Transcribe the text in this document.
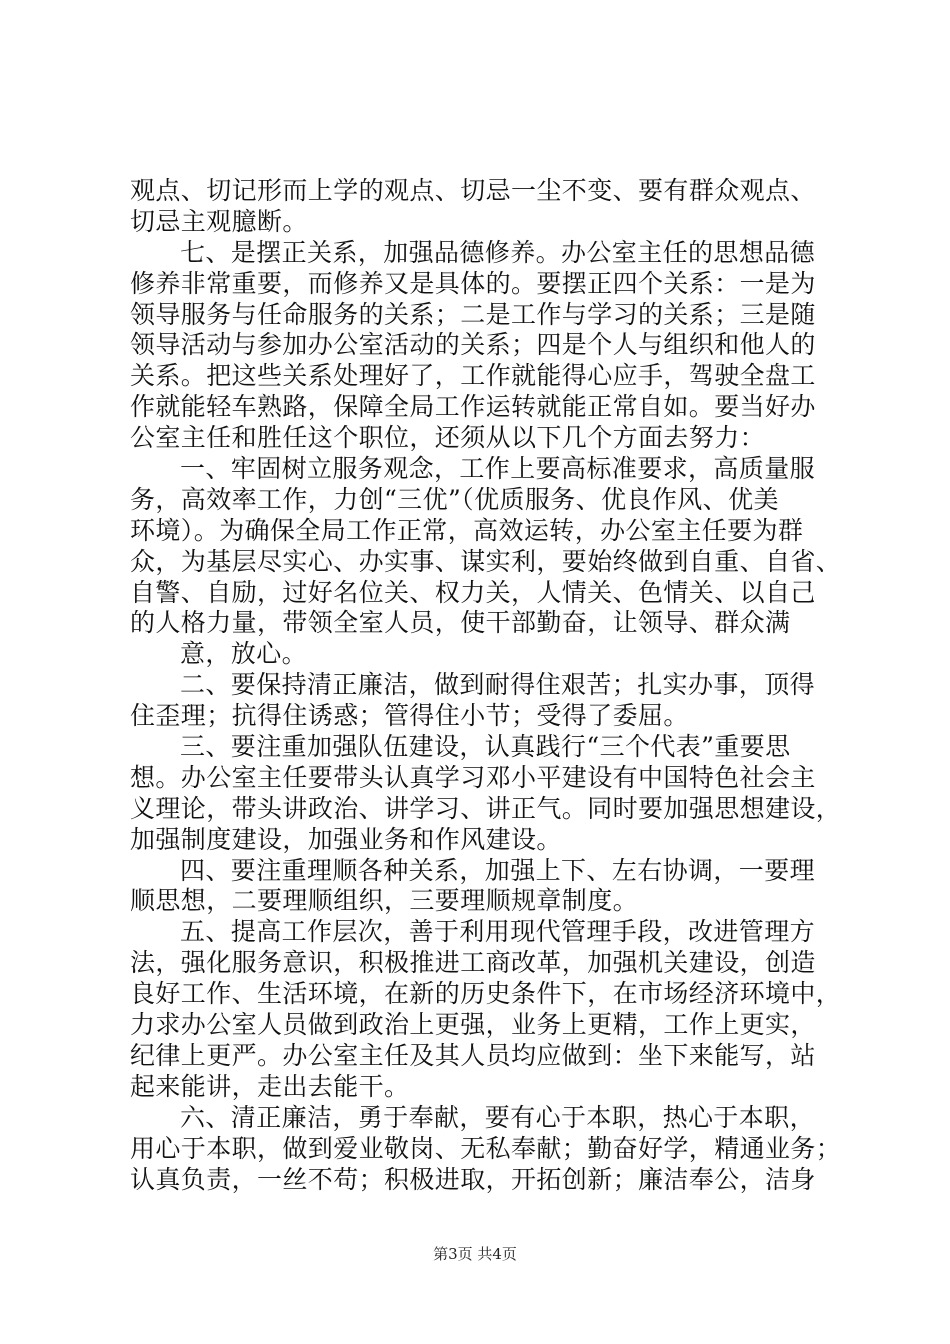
观点、切记形而上学的观点、切忌一尘不变、要有群众观点、
切忌主观臆断。
七、是摆正关系，加强品德修养。办公室主任的思想品德
修养非常重要，而修养又是具体的。要摆正四个关系：一是为
领导服务与任命服务的关系；二是工作与学习的关系；三是随
领导活动与参加办公室活动的关系；四是个人与组织和他人的
关系。把这些关系处理好了，工作就能得心应手，驾驶全盘工
作就能轻车熟路，保障全局工作运转就能正常自如。要当好办
公室主任和胜任这个职位，还须从以下几个方面去努力：
一、牢固树立服务观念，工作上要高标准要求，高质量服
务，高效率工作，力创“三优”（优质服务、优良作风、优美
环境）。为确保全局工作正常，高效运转，办公室主任要为群
众，为基层尽实心、办实事、谋实利，要始终做到自重、自省、
自警、自励，过好名位关、权力关，人情关、色情关、以自己
的人格力量，带领全室人员，使干部勤奋，让领导、群众满
意，放心。
二、要保持清正廉洁，做到耐得住艰苦；扎实办事，顶得
住歪理；抗得住诱惑；管得住小节；受得了委屈。
三、要注重加强队伍建设，认真践行“三个代表”重要思
想。办公室主任要带头认真学习邓小平建设有中国特色社会主
义理论，带头讲政治、讲学习、讲正气。同时要加强思想建设，
加强制度建设，加强业务和作风建设。
四、要注重理顺各种关系，加强上下、左右协调，一要理
顺思想，二要理顺组织，三要理顺规章制度。
五、提高工作层次，善于利用现代管理手段，改进管理方
法，强化服务意识，积极推进工商改革，加强机关建设，创造
良好工作、生活环境，在新的历史条件下，在市场经济环境中，
力求办公室人员做到政治上更强，业务上更精，工作上更实，
纪律上更严。办公室主任及其人员均应做到：坐下来能写，站
起来能讲，走出去能干。
六、清正廉洁，勇于奉献，要有心于本职，热心于本职，
用心于本职，做到爱业敬岗、无私奉献；勤奋好学，精通业务；
认真负责，一丝不苟；积极进取，开拓创新；廉洁奉公，洁身
第3页 共4页
